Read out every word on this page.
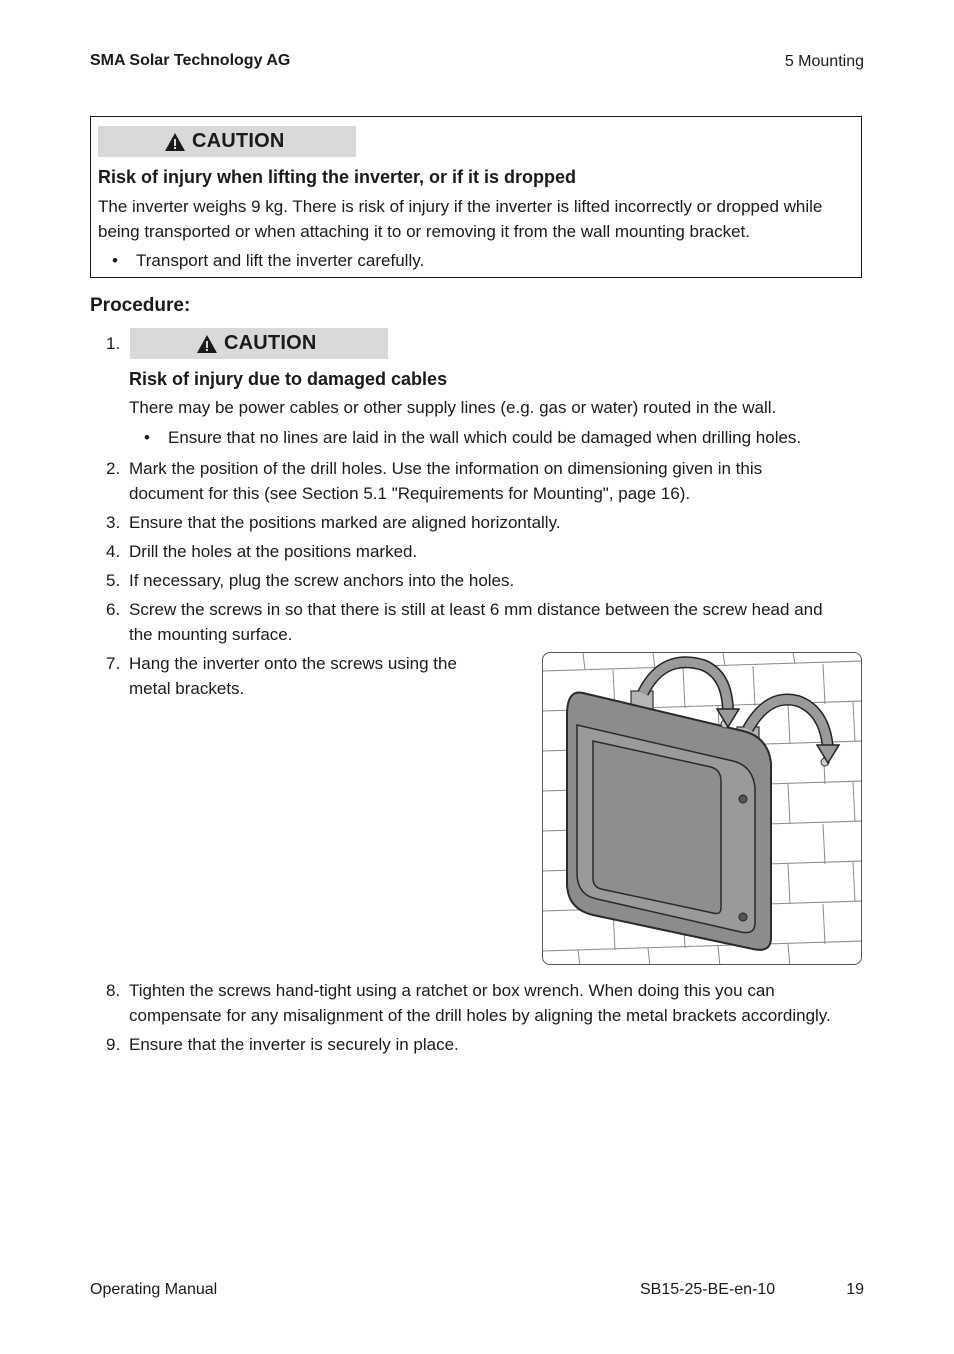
SMA Solar Technology AG	5 Mounting
CAUTION
Risk of injury when lifting the inverter, or if it is dropped
The inverter weighs 9 kg. There is risk of injury if the inverter is lifted incorrectly or dropped while
being transported or when attaching it to or removing it from the wall mounting bracket.
• Transport and lift the inverter carefully.
Procedure:
1.	CAUTION
Risk of injury due to damaged cables
There may be power cables or other supply lines (e.g. gas or water) routed in the wall.
• Ensure that no lines are laid in the wall which could be damaged when drilling holes.
2. Mark the position of the drill holes. Use the information on dimensioning given in this
document for this (see Section 5.1 "Requirements for Mounting", page 16).
3. Ensure that the positions marked are aligned horizontally.
4. Drill the holes at the positions marked.
5. If necessary, plug the screw anchors into the holes.
6. Screw the screws in so that there is still at least 6 mm distance between the screw head and
the mounting surface.
7. Hang the inverter onto the screws using the
metal brackets.
8. Tighten the screws hand-tight using a ratchet or box wrench. When doing this you can
compensate for any misalignment of the drill holes by aligning the metal brackets accordingly.
9. Ensure that the inverter is securely in place.
Operating Manual	SB15-25-BE-en-10	19
